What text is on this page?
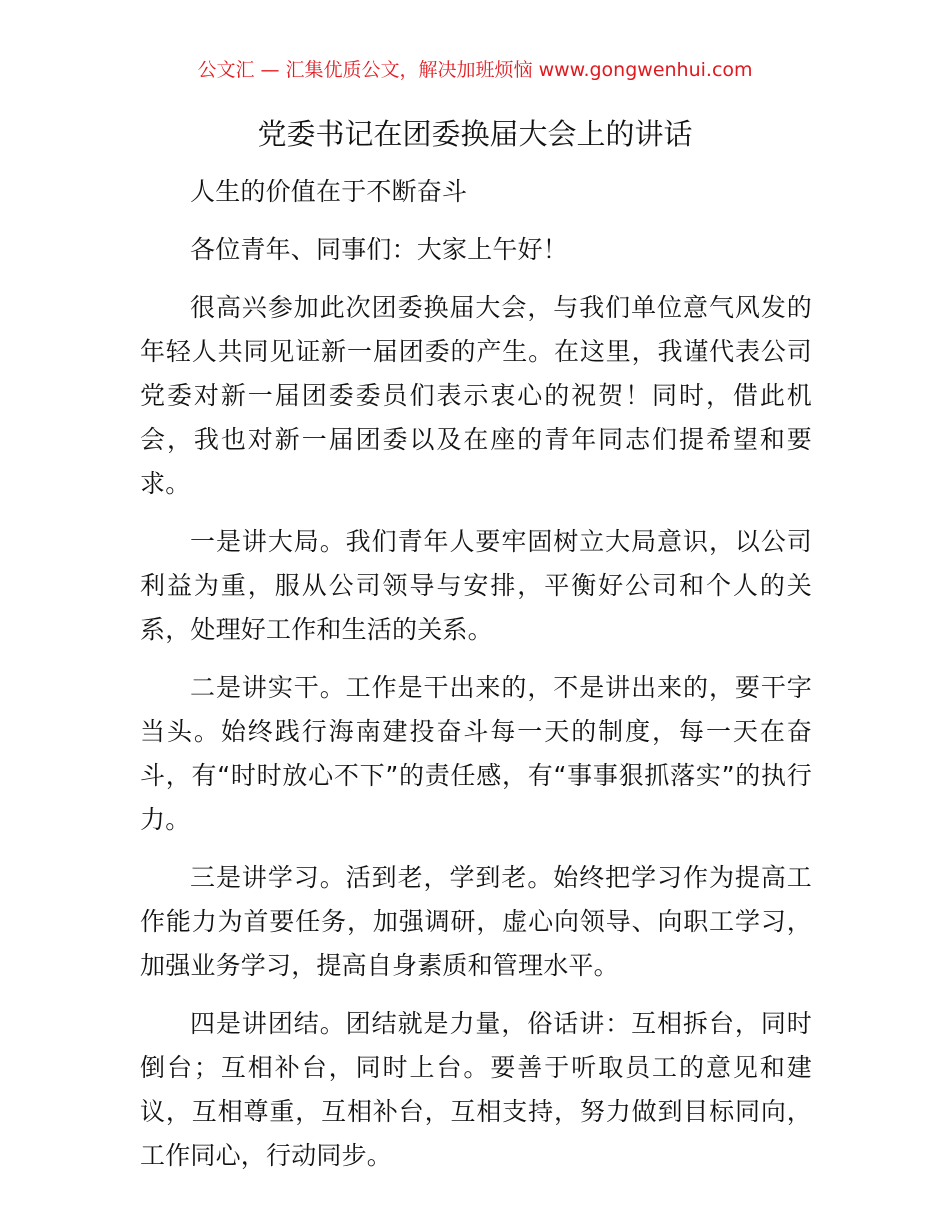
公文汇 — 汇集优质公文，解决加班烦恼 www.gongwenhui.com
党委书记在团委换届大会上的讲话

人生的价值在于不断奋斗

各位青年、同事们：大家上午好！

很高兴参加此次团委换届大会，与我们单位意气风发的年轻人共同见证新一届团委的产生。在这里，我谨代表公司党委对新一届团委委员们表示衷心的祝贺！同时，借此机会，我也对新一届团委以及在座的青年同志们提希望和要求。

一是讲大局。我们青年人要牢固树立大局意识，以公司利益为重，服从公司领导与安排，平衡好公司和个人的关系，处理好工作和生活的关系。

二是讲实干。工作是干出来的，不是讲出来的，要干字当头。始终践行海南建投奋斗每一天的制度，每一天在奋斗，有“时时放心不下”的责任感，有“事事狠抓落实”的执行力。

三是讲学习。活到老，学到老。始终把学习作为提高工作能力为首要任务，加强调研，虚心向领导、向职工学习，加强业务学习，提高自身素质和管理水平。

四是讲团结。团结就是力量，俗话讲：互相拆台，同时倒台；互相补台，同时上台。要善于听取员工的意见和建议，互相尊重，互相补台，互相支持，努力做到目标同向，工作同心，行动同步。
